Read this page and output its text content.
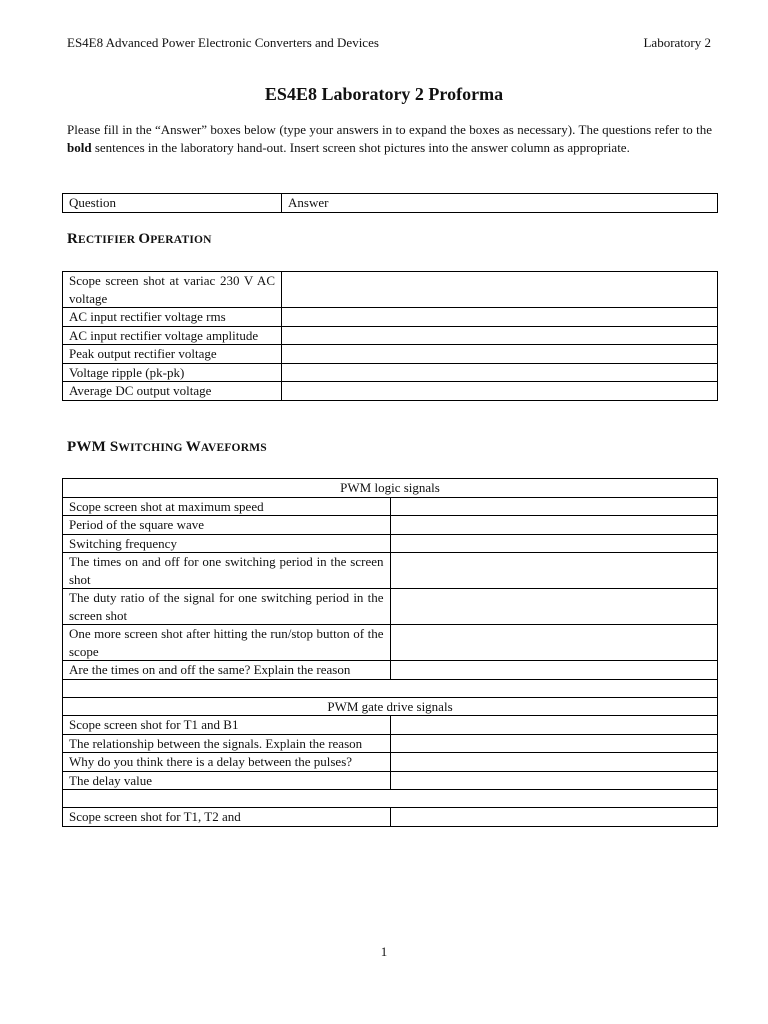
ES4E8 Advanced Power Electronic Converters and Devices	Laboratory 2
ES4E8 Laboratory 2 Proforma
Please fill in the “Answer” boxes below (type your answers in to expand the boxes as necessary). The questions refer to the bold sentences in the laboratory hand-out. Insert screen shot pictures into the answer column as appropriate.
Question	Answer
RECTIFIER OPERATION
Scope screen shot at variac 230 V AC voltage	
AC input rectifier voltage rms	
AC input rectifier voltage amplitude	
Peak output rectifier voltage	
Voltage ripple (pk-pk)	
Average DC output voltage	
PWM SWITCHING WAVEFORMS
PWM logic signals	
Scope screen shot at maximum speed	
Period of the square wave	
Switching frequency	
The times on and off for one switching period in the screen shot	
The duty ratio of the signal for one switching period in the screen shot	
One more screen shot after hitting the run/stop button of the scope	
Are the times on and off the same? Explain the reason	

PWM gate drive signals	
Scope screen shot for T1 and B1	
The relationship between the signals. Explain the reason	
Why do you think there is a delay between the pulses?	
The delay value	

Scope screen shot for T1, T2 and	
1
